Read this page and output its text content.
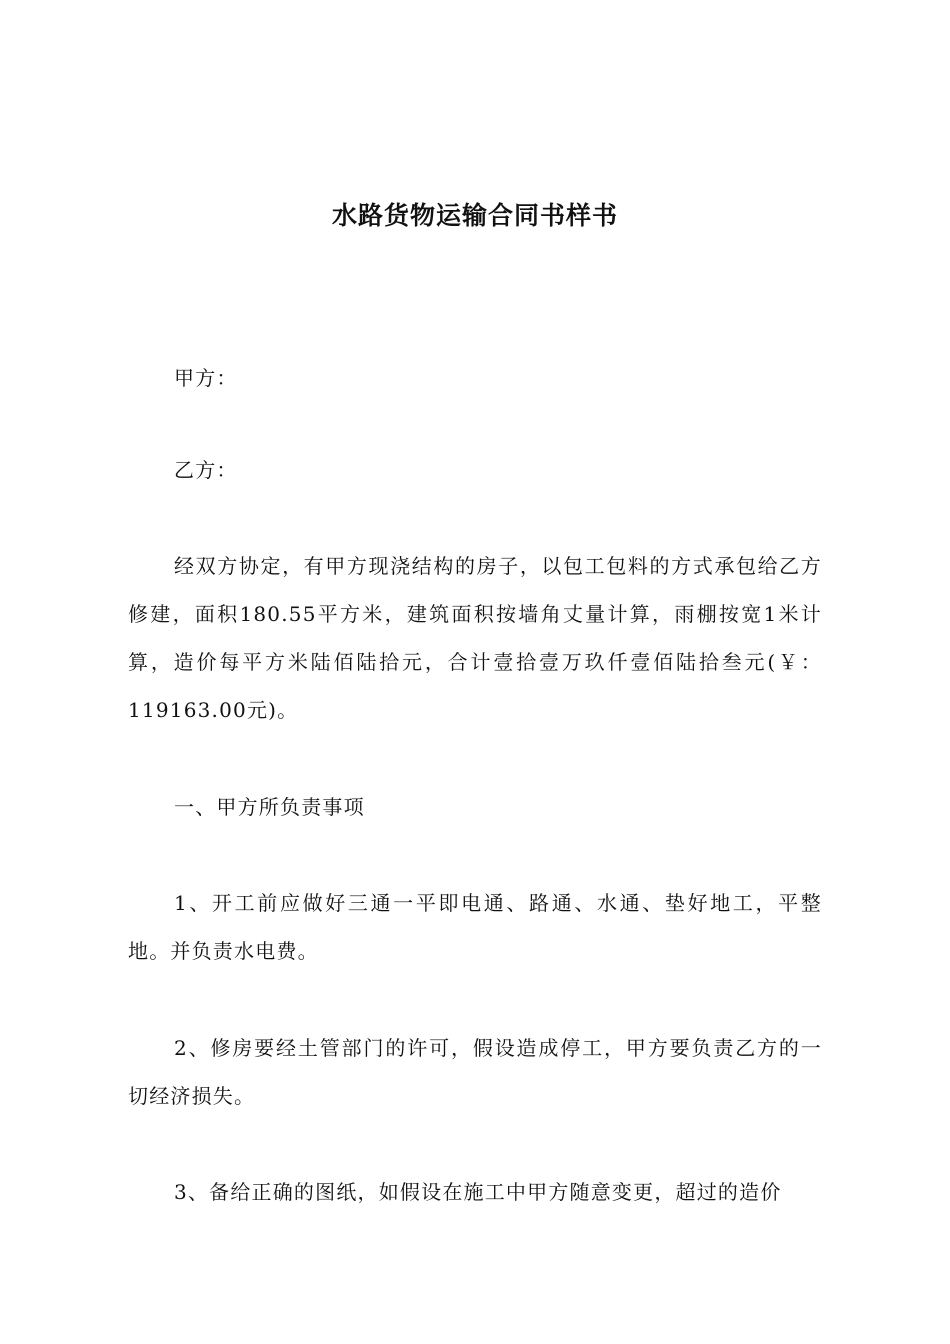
水路货物运输合同书样书

甲方：

乙方：

经双方协定，有甲方现浇结构的房子，以包工包料的方式承包给乙方修建，面积180.55平方米，建筑面积按墙角丈量计算，雨棚按宽1米计算，造价每平方米陆佰陆拾元，合计壹拾壹万玖仟壹佰陆拾叁元(￥：119163.00元)。

一、甲方所负责事项

1、开工前应做好三通一平即电通、路通、水通、垫好地工，平整地。并负责水电费。

2、修房要经土管部门的许可，假设造成停工，甲方要负责乙方的一切经济损失。

3、备给正确的图纸，如假设在施工中甲方随意变更，超过的造价
